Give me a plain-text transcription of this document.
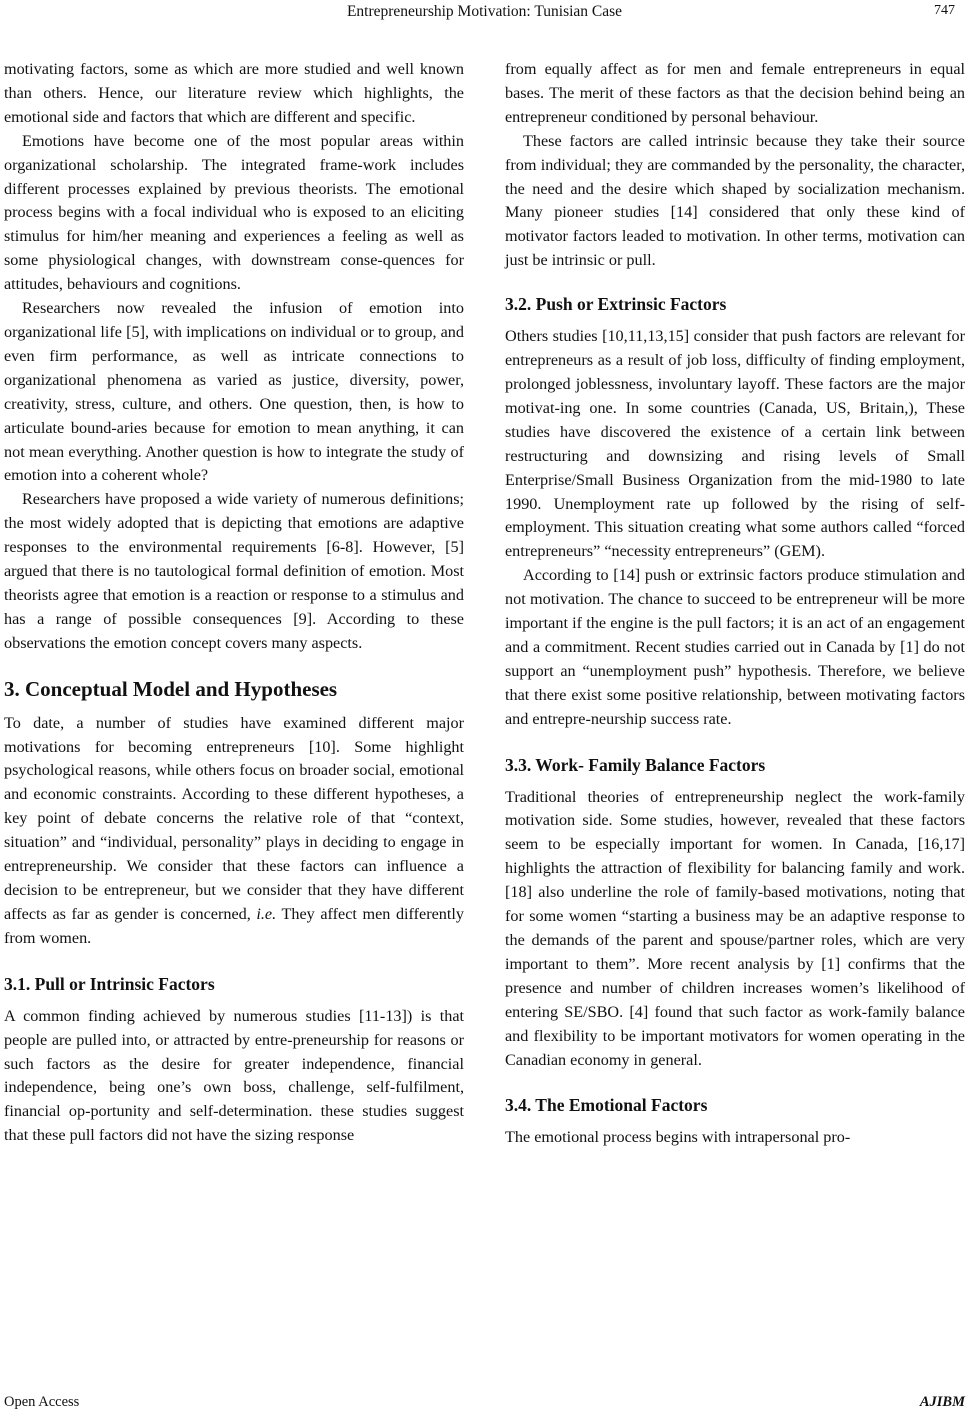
Entrepreneurship Motivation: Tunisian Case	747

motivating factors, some as which are more studied and well known than others. Hence, our literature review which highlights, the emotional side and factors that which are different and specific.

Emotions have become one of the most popular areas within organizational scholarship. The integrated frame-work includes different processes explained by previous theorists. The emotional process begins with a focal individual who is exposed to an eliciting stimulus for him/her meaning and experiences a feeling as well as some physiological changes, with downstream conse-quences for attitudes, behaviours and cognitions.

Researchers now revealed the infusion of emotion into organizational life [5], with implications on individual or to group, and even firm performance, as well as intricate connections to organizational phenomena as varied as justice, diversity, power, creativity, stress, culture, and others. One question, then, is how to articulate bound-aries because for emotion to mean anything, it can not mean everything. Another question is how to integrate the study of emotion into a coherent whole?

Researchers have proposed a wide variety of numerous definitions; the most widely adopted that is depicting that emotions are adaptive responses to the environmental requirements [6-8]. However, [5] argued that there is no tautological formal definition of emotion. Most theorists agree that emotion is a reaction or response to a stimulus and has a range of possible consequences [9]. According to these observations the emotion concept covers many aspects.

3. Conceptual Model and Hypotheses

To date, a number of studies have examined different major motivations for becoming entrepreneurs [10]. Some highlight psychological reasons, while others focus on broader social, emotional and economic constraints. According to these different hypotheses, a key point of debate concerns the relative role of that “context, situation” and “individual, personality” plays in deciding to engage in entrepreneurship. We consider that these factors can influence a decision to be entrepreneur, but we consider that they have different affects as far as gender is concerned, i.e. They affect men differently from women.

3.1. Pull or Intrinsic Factors

A common finding achieved by numerous studies [11-13]) is that people are pulled into, or attracted by entre-preneurship for reasons or such factors as the desire for greater independence, financial independence, being one’s own boss, challenge, self-fulfilment, financial op-portunity and self-determination. these studies suggest that these pull factors did not have the sizing response

from equally affect as for men and female entrepreneurs in equal bases. The merit of these factors as that the decision behind being an entrepreneur conditioned by personal behaviour.

These factors are called intrinsic because they take their source from individual; they are commanded by the personality, the character, the need and the desire which shaped by socialization mechanism. Many pioneer studies [14] considered that only these kind of motivator factors leaded to motivation. In other terms, motivation can just be intrinsic or pull.

3.2. Push or Extrinsic Factors

Others studies [10,11,13,15] consider that push factors are relevant for entrepreneurs as a result of job loss, difficulty of finding employment, prolonged joblessness, involuntary layoff. These factors are the major motivat-ing one. In some countries (Canada, US, Britain,), These studies have discovered the existence of a certain link between restructuring and downsizing and rising levels of Small Enterprise/Small Business Organization from the mid-1980 to late 1990. Unemployment rate up followed by the rising of self-employment. This situation creating what some authors called “forced entrepreneurs” “necessity entrepreneurs” (GEM).

According to [14] push or extrinsic factors produce stimulation and not motivation. The chance to succeed to be entrepreneur will be more important if the engine is the pull factors; it is an act of an engagement and a commitment. Recent studies carried out in Canada by [1] do not support an “unemployment push” hypothesis. Therefore, we believe that there exist some positive relationship, between motivating factors and entrepre-neurship success rate.

3.3. Work- Family Balance Factors

Traditional theories of entrepreneurship neglect the work-family motivation side. Some studies, however, revealed that these factors seem to be especially important for women. In Canada, [16,17] highlights the attraction of flexibility for balancing family and work. [18] also underline the role of family-based motivations, noting that for some women “starting a business may be an adaptive response to the demands of the parent and spouse/partner roles, which are very important to them”. More recent analysis by [1] confirms that the presence and number of children increases women’s likelihood of entering SE/SBO. [4] found that such factor as work-family balance and flexibility to be important motivators for women operating in the Canadian economy in general.

3.4. The Emotional Factors

The emotional process begins with intrapersonal pro-

Open Access	AJIBM
